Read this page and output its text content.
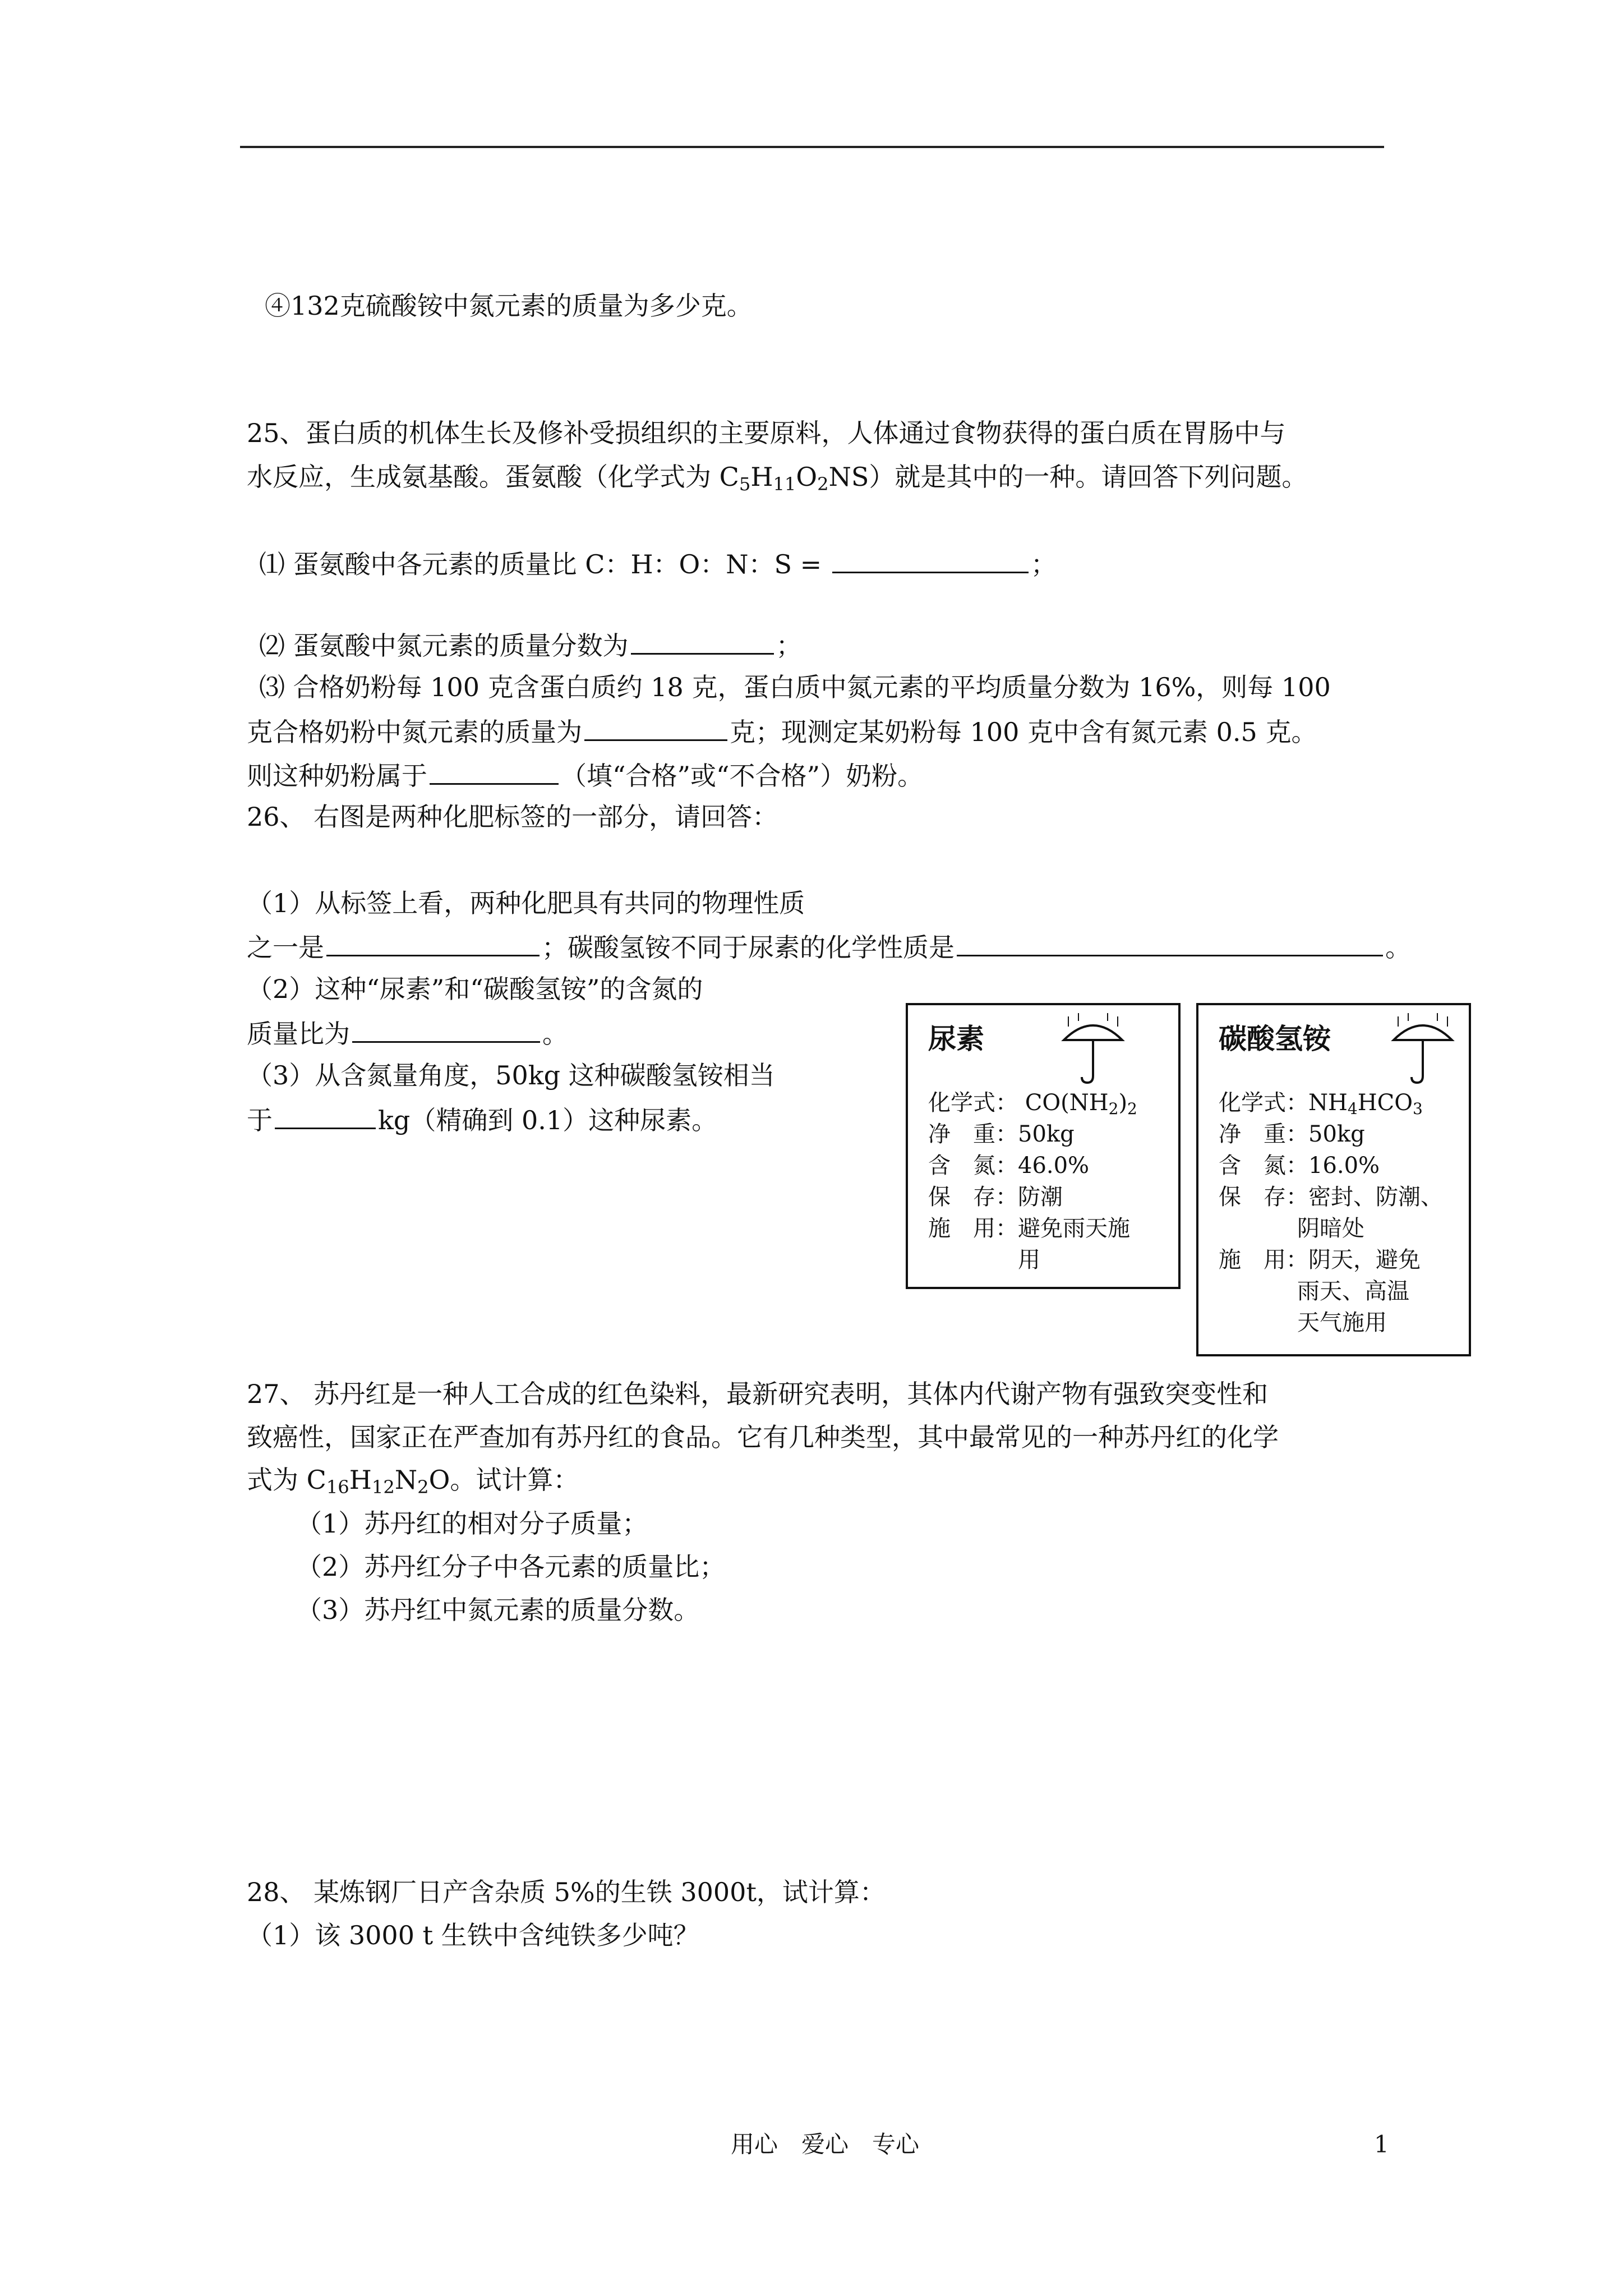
④132克硫酸铵中氮元素的质量为多少克。
25、蛋白质的机体生长及修补受损组织的主要原料，人体通过食物获得的蛋白质在胃肠中与
水反应，生成氨基酸。蛋氨酸（化学式为 $C_5H_{11}O_2NS$）就是其中的一种。请回答下列问题。
⑴ 蛋氨酸中各元素的质量比 C：H：O：N：S =	；
⑵ 蛋氨酸中氮元素的质量分数为	；
⑶ 合格奶粉每 100 克含蛋白质约 18 克，蛋白质中氮元素的平均质量分数为 16%，则每 100
克合格奶粉中氮元素的质量为	克；现测定某奶粉每 100 克中含有氮元素 0.5 克。
则这种奶粉属于	（填“合格”或“不合格”）奶粉。
26、 右图是两种化肥标签的一部分，请回答：
（1）从标签上看，两种化肥具有共同的物理性质
之一是	；碳酸氢铵不同于尿素的化学性质是	。
（2）这种“尿素”和“碳酸氢铵”的含氮的
质量比为	。
（3）从含氮量角度，50kg 这种碳酸氢铵相当
于	kg（精确到 0.1）这种尿素。
尿素
化学式： $CO(NH_2)_2$
净　重：50kg
含　氮：46.0%
保　存：防潮
施　用：避免雨天施
用
碳酸氢铵
化学式：$NH_4HCO_3$
净　重：50kg
含　氮：16.0%
保　存：密封、防潮、
阴暗处
施　用：阴天，避免
雨天、高温
天气施用
27、 苏丹红是一种人工合成的红色染料，最新研究表明，其体内代谢产物有强致突变性和
致癌性，国家正在严查加有苏丹红的食品。它有几种类型，其中最常见的一种苏丹红的化学
式为 $C_{16}H_{12}N_2O$。试计算：
（1）苏丹红的相对分子质量；
（2）苏丹红分子中各元素的质量比；
（3）苏丹红中氮元素的质量分数。
28、 某炼钢厂日产含杂质 5%的生铁 3000t，试计算：
（1）该 3000 t 生铁中含纯铁多少吨？
用心　爱心　专心	1
